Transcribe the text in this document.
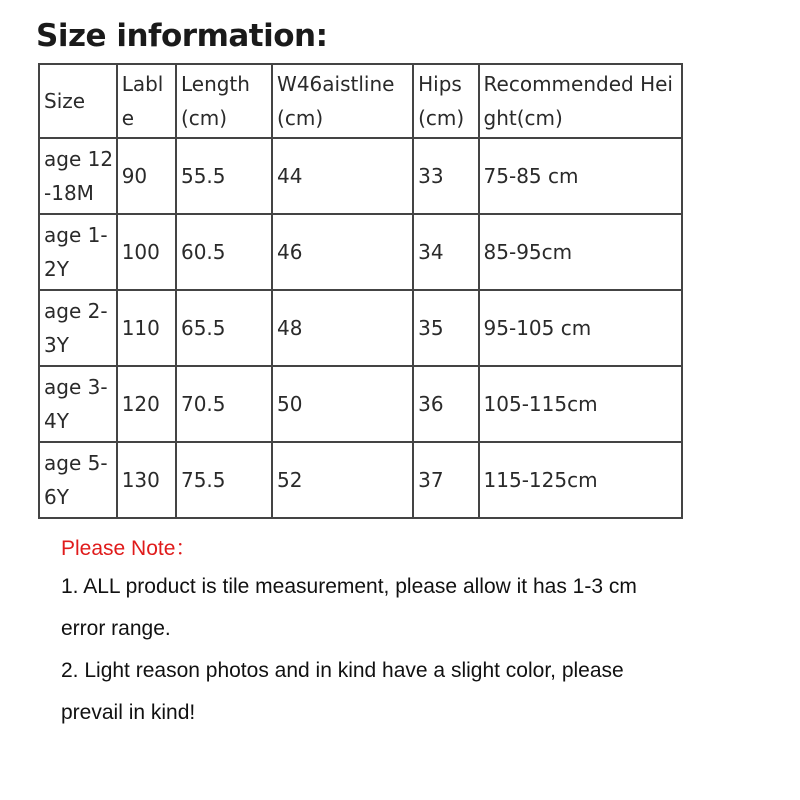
Size information:
Size	Lable	Length (cm)	W46aistline (cm)	Hips (cm)	Recommended Height(cm)
age 12-18M	90	55.5	44	33	75-85 cm
age 1-2Y	100	60.5	46	34	85-95cm
age 2-3Y	110	65.5	48	35	95-105 cm
age 3-4Y	120	70.5	50	36	105-115cm
age 5-6Y	130	75.5	52	37	115-125cm

Please Note：

1. ALL product is tile measurement, please allow it has 1-3 cm

error range.

2. Light reason photos and in kind have a slight color, please

prevail in kind!
